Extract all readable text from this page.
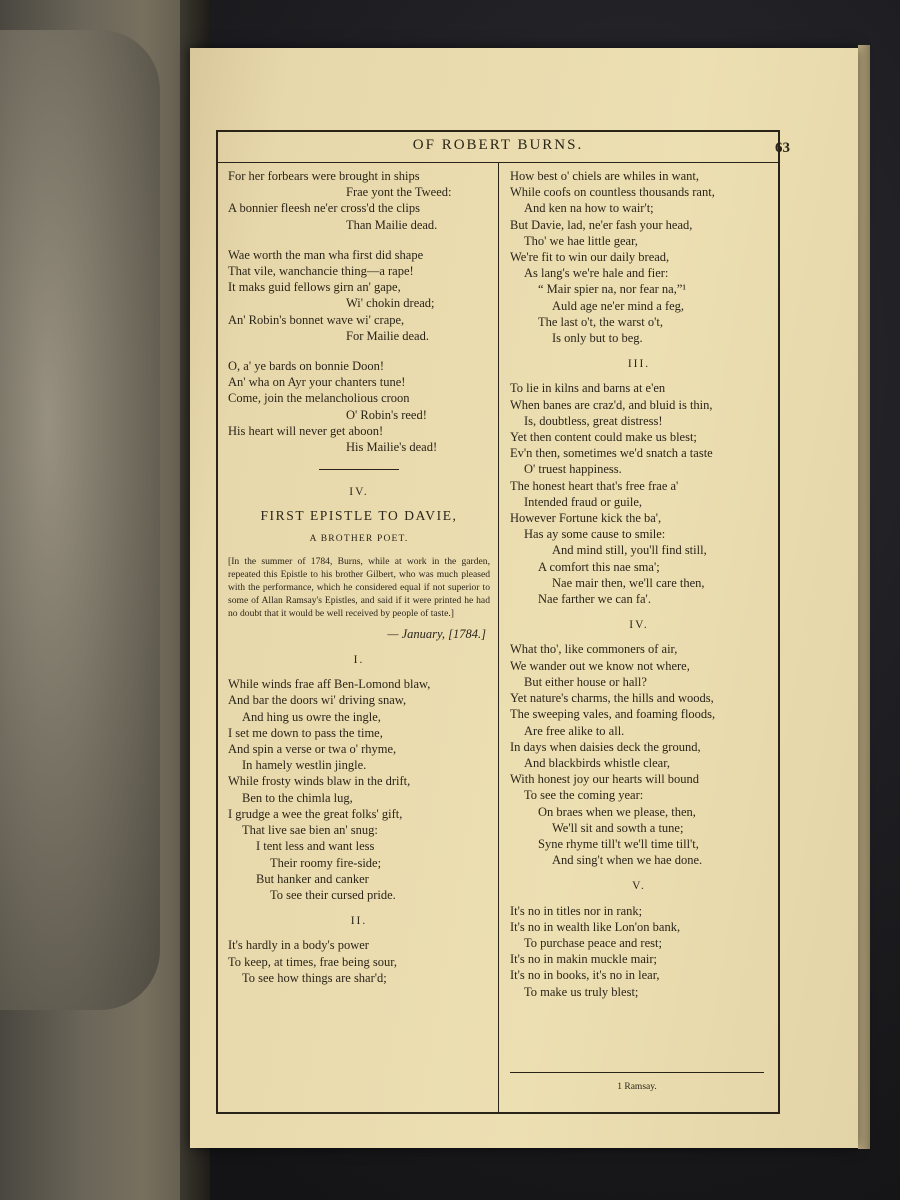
OF ROBERT BURNS.	63
For her forbears were brought in ships
Frae yont the Tweed:
A bonnier fleesh ne'er cross'd the clips
Than Mailie dead.
Wae worth the man wha first did shape
That vile, wanchancie thing—a rape!
It maks guid fellows girn an' gape,
Wi' chokin dread;
An' Robin's bonnet wave wi' crape,
For Mailie dead.
O, a' ye bards on bonnie Doon!
An' wha on Ayr your chanters tune!
Come, join the melancholious croon
O' Robin's reed!
His heart will never get aboon!
His Mailie's dead!
IV.
FIRST EPISTLE TO DAVIE,
A BROTHER POET.
[In the summer of 1784, Burns, while at work in the garden, repeated this Epistle to his brother Gilbert, who was much pleased with the performance, which he considered equal if not superior to some of Allan Ramsay's Epistles, and said if it were printed he had no doubt that it would be well received by people of taste.]
— January, [1784.]
I.
While winds frae aff Ben-Lomond blaw,
And bar the doors wi' driving snaw,
And hing us owre the ingle,
I set me down to pass the time,
And spin a verse or twa o' rhyme,
In hamely westlin jingle.
While frosty winds blaw in the drift,
Ben to the chimla lug,
I grudge a wee the great folks' gift,
That live sae bien an' snug:
I tent less and want less
Their roomy fire-side;
But hanker and canker
To see their cursed pride.
II.
It's hardly in a body's power
To keep, at times, frae being sour,
To see how things are shar'd;
How best o' chiels are whiles in want,
While coofs on countless thousands rant,
And ken na how to wair't;
But Davie, lad, ne'er fash your head,
Tho' we hae little gear,
We're fit to win our daily bread,
As lang's we're hale and fier:
“ Mair spier na, nor fear na,”¹
Auld age ne'er mind a feg,
The last o't, the warst o't,
Is only but to beg.
III.
To lie in kilns and barns at e'en
When banes are craz'd, and bluid is thin,
Is, doubtless, great distress!
Yet then content could make us blest;
Ev'n then, sometimes we'd snatch a taste
O' truest happiness.
The honest heart that's free frae a'
Intended fraud or guile,
However Fortune kick the ba',
Has ay some cause to smile:
And mind still, you'll find still,
A comfort this nae sma';
Nae mair then, we'll care then,
Nae farther we can fa'.
IV.
What tho', like commoners of air,
We wander out we know not where,
But either house or hall?
Yet nature's charms, the hills and woods,
The sweeping vales, and foaming floods,
Are free alike to all.
In days when daisies deck the ground,
And blackbirds whistle clear,
With honest joy our hearts will bound
To see the coming year:
On braes when we please, then,
We'll sit and sowth a tune;
Syne rhyme till't we'll time till't,
And sing't when we hae done.
V.
It's no in titles nor in rank;
It's no in wealth like Lon'on bank,
To purchase peace and rest;
It's no in makin muckle mair;
It's no in books, it's no in lear,
To make us truly blest;
1 Ramsay.
